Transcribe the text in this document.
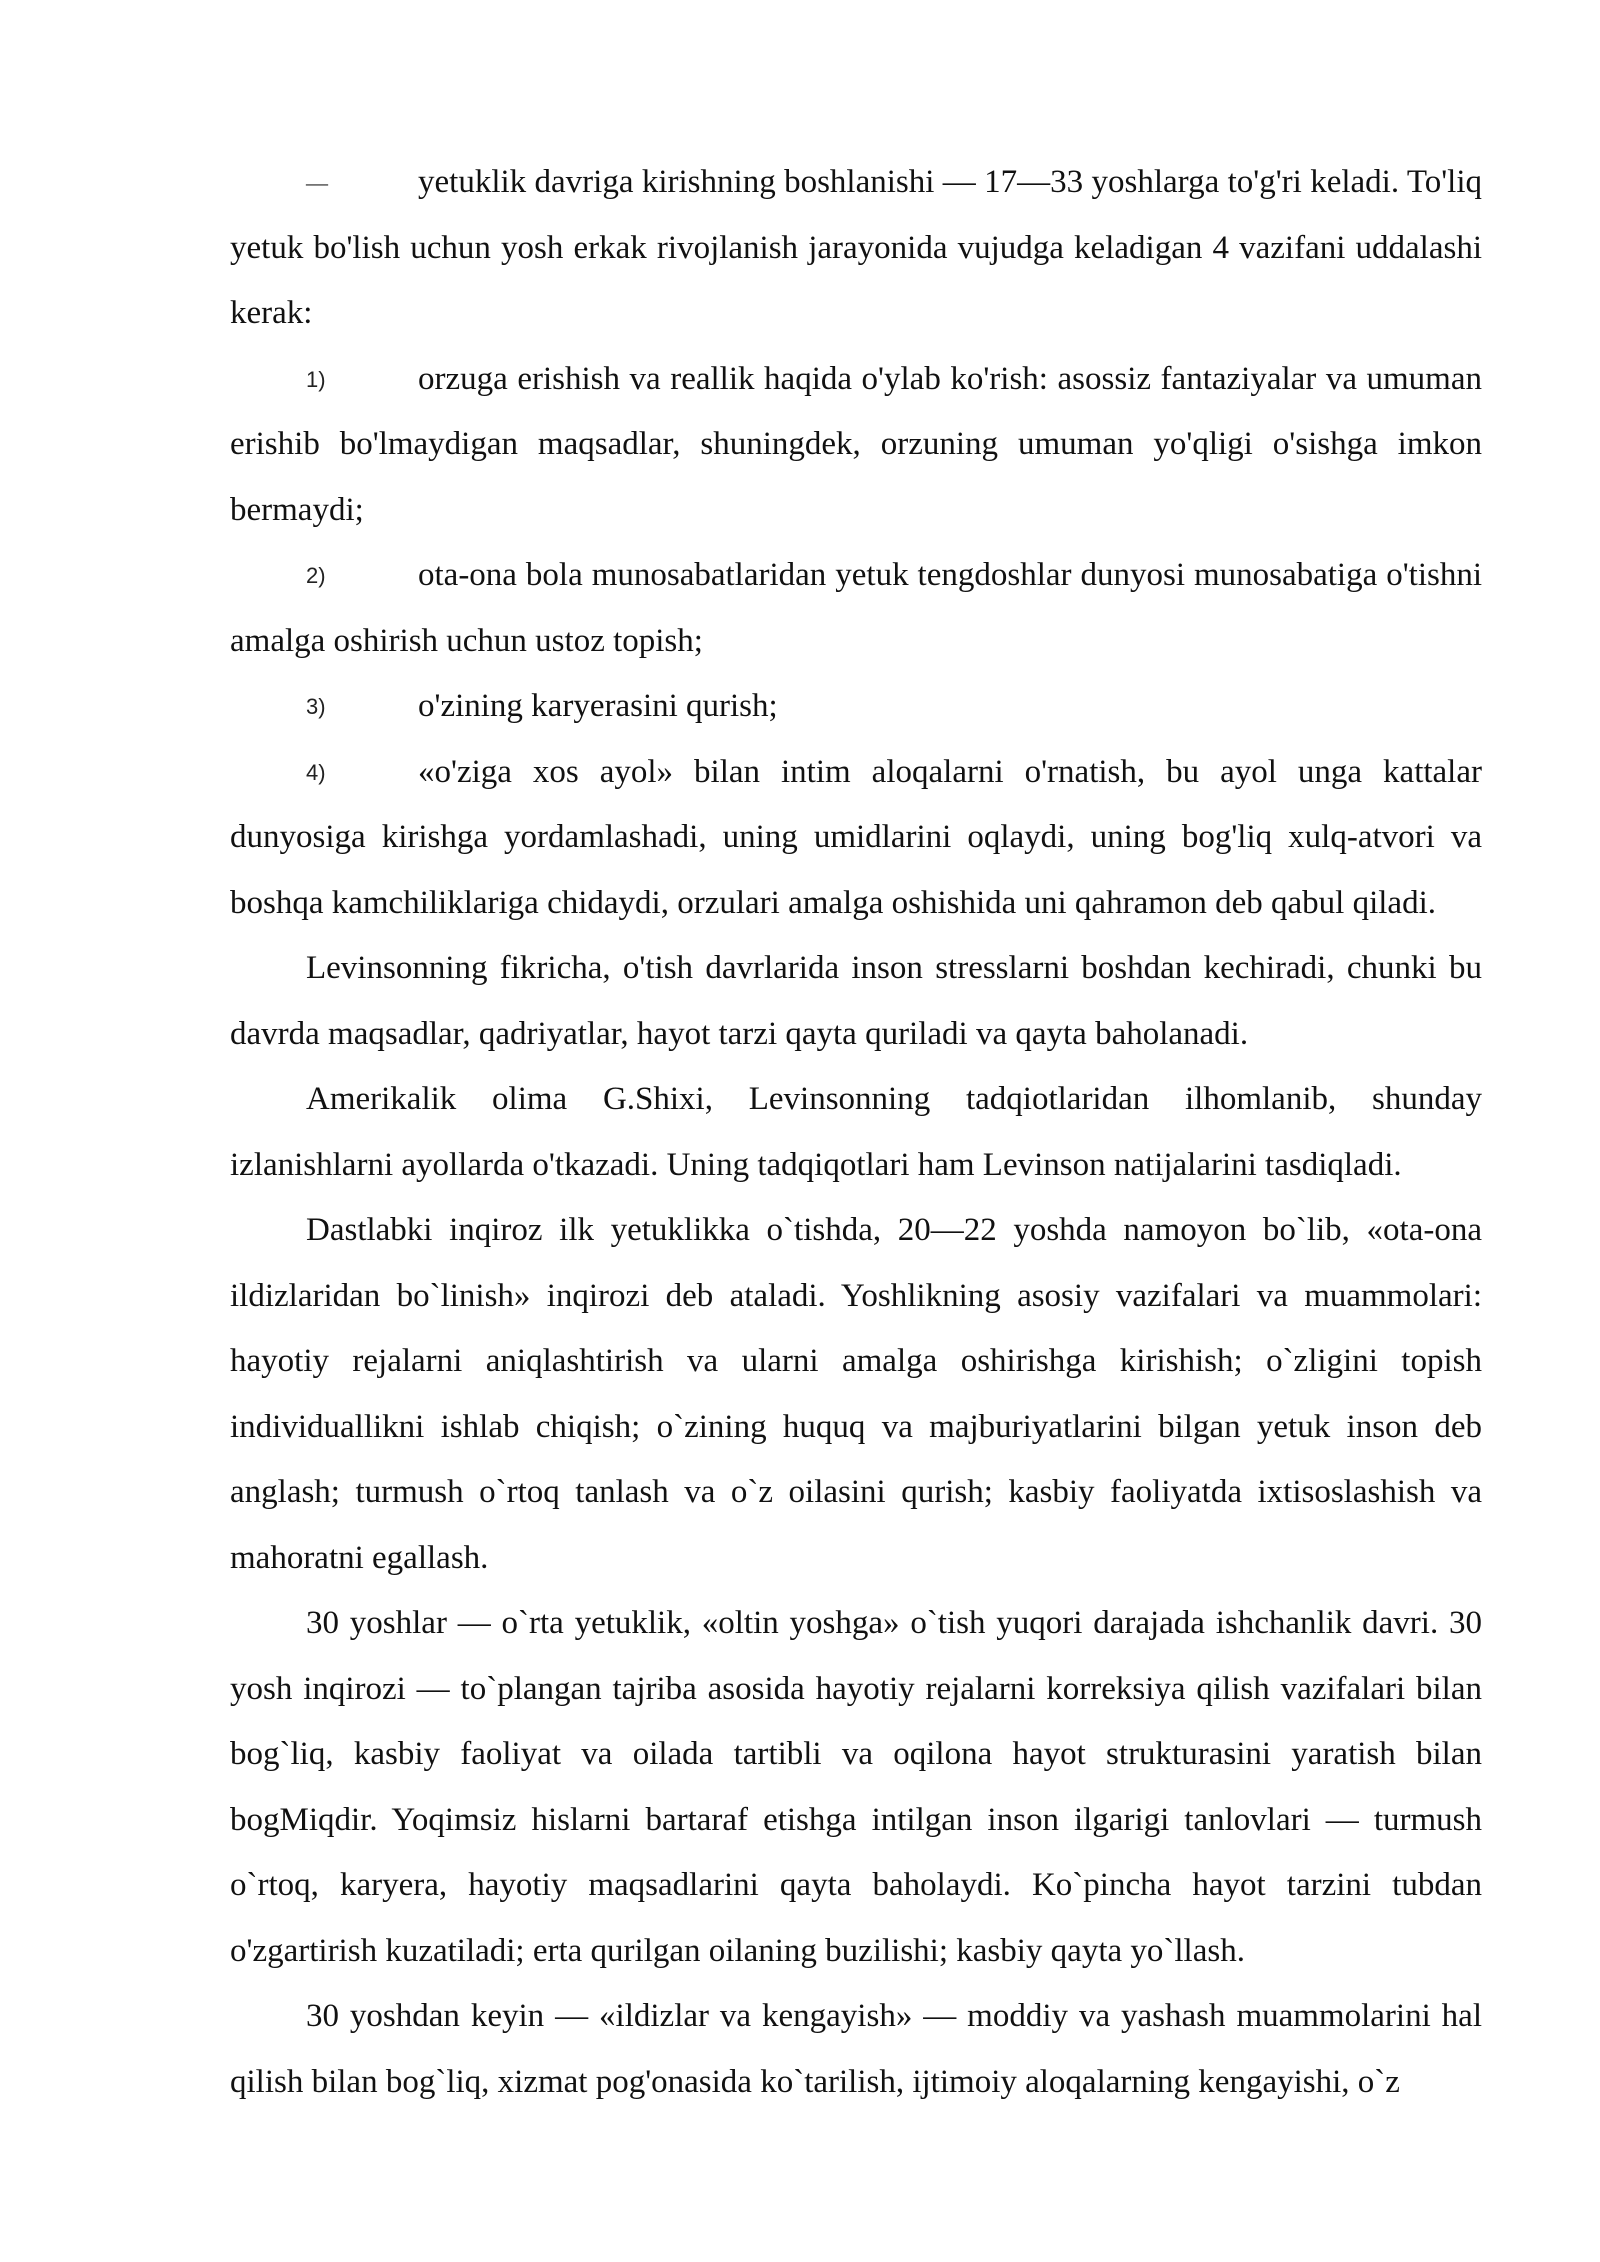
—	yetuklik davriga kirishning boshlanishi — 17—33 yoshlarga to'g'ri keladi. To'liq yetuk bo'lish uchun yosh erkak rivojlanish jarayonida vujudga keladigan 4 vazifani uddalashi kerak:

1)	orzuga erishish va reallik haqida o'ylab ko'rish: asossiz fantaziyalar va umuman erishib bo'lmaydigan maqsadlar, shuningdek, orzuning umuman yo'qligi o'sishga imkon bermaydi;

2)	ota-ona bola munosabatlaridan yetuk tengdoshlar dunyosi munosabatiga o'tishni amalga oshirish uchun ustoz topish;

3)	o'zining karyerasini qurish;

4)	«o'ziga xos ayol» bilan intim aloqalarni o'rnatish, bu ayol unga kattalar dunyosiga kirishga yordamlashadi, uning umidlarini oqlaydi, uning bog'liq xulq-atvori va boshqa kamchiliklariga chidaydi, orzulari amalga oshishida uni qahramon deb qabul qiladi.

Levinsonning fikricha, o'tish davrlarida inson stresslarni boshdan kechiradi, chunki bu davrda maqsadlar, qadriyatlar, hayot tarzi qayta quriladi va qayta baholanadi.

Amerikalik olima G.Shixi, Levinsonning tadqiotlaridan ilhomlanib, shunday izlanishlarni ayollarda o'tkazadi. Uning tadqiqotlari ham Levinson natijalarini tasdiqladi.

Dastlabki inqiroz ilk yetuklikka o`tishda, 20—22 yoshda namoyon bo`lib, «ota-ona ildizlaridan bo`linish» inqirozi deb ataladi. Yoshlikning asosiy vazifalari va muammolari: hayotiy rejalarni aniqlashtirish va ularni amalga oshirishga kirishish; o`zligini topish individuallikni ishlab chiqish; o`zining huquq va majburiyatlarini bilgan yetuk inson deb anglash; turmush o`rtoq tanlash va o`z oilasini qurish; kasbiy faoliyatda ixtisoslashish va mahoratni egallash.

30 yoshlar — o`rta yetuklik, «oltin yoshga» o`tish yuqori darajada ishchanlik davri. 30 yosh inqirozi — to`plangan tajriba asosida hayotiy rejalarni korreksiya qilish vazifalari bilan bog`liq, kasbiy faoliyat va oilada tartibli va oqilona hayot strukturasini yaratish bilan bogMiqdir. Yoqimsiz hislarni bartaraf etishga intilgan inson ilgarigi tanlovlari — turmush o`rtoq, karyera, hayotiy maqsadlarini qayta baholaydi. Ko`pincha hayot tarzini tubdan o'zgartirish kuzatiladi; erta qurilgan oilaning buzilishi; kasbiy qayta yo`llash.

30 yoshdan keyin — «ildizlar va kengayish» — moddiy va yashash muammolarini hal qilish bilan bog`liq, xizmat pog'onasida ko`tarilish, ijtimoiy aloqalarning kengayishi, o`z
